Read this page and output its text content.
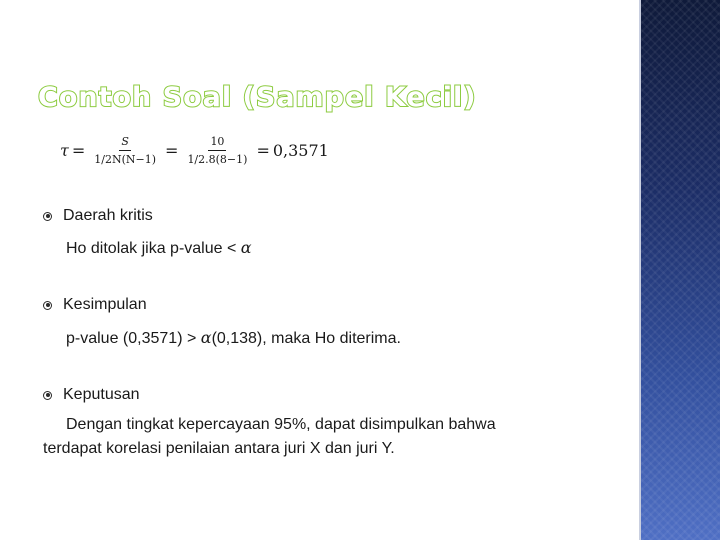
Contoh Soal (Sampel Kecil)
$\tau = \frac{S}{1/2N(N-1)} = \frac{10}{1/2.8(8-1)} = 0,3571$
Daerah kritis
Ho ditolak jika p-value < α
Kesimpulan
p-value (0,3571) > α(0,138), maka Ho diterima.
Keputusan
Dengan tingkat kepercayaan 95%, dapat disimpulkan bahwa
terdapat korelasi penilaian antara juri X dan juri Y.
